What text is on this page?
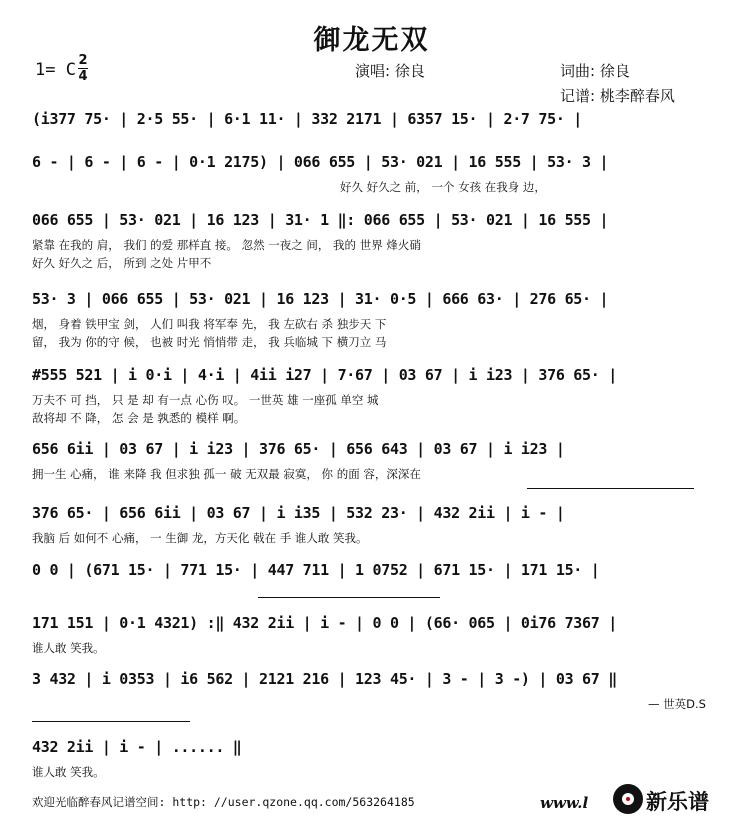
御龙无双
1= C 2
4	演唱: 徐良	词曲: 徐良
记谱: 桃李醉春风
(i377 75· | 2·5 55· | 6·1 11· | 332 2171 | 6357 15· | 2·7 75· |
6 - | 6 - | 6 - | 0·1 2175) | 066 655 | 53· 021 | 16 555 | 53· 3 |
好久 好久之 前， 一个 女孩 在我身 边，
066 655 | 53· 021 | 16 123 | 31· 1 ‖: 066 655 | 53· 021 | 16 555 |
紧靠 在我的 肩， 我们 的爱 那样直 接。 忽然 一夜之 间， 我的 世界 烽火硝
好久 好久之 后， 所到 之处 片甲不
53· 3 | 066 655 | 53· 021 | 16 123 | 31· 0·5 | 666 63· | 276 65· |
烟， 身着 铁甲宝 剑， 人们 叫我 将军奉 先， 我 左砍右 杀 独步天 下
留， 我为 你的守 候， 也被 时光 悄悄带 走， 我 兵临城 下 横刀立 马
#555 521 | i 0·i | 4·i | 4ii i27 | 7·67 | 03 67 | i i23 | 376 65· |
万夫不 可 挡， 只 是 却 有一点 心伤 叹。 一世英 雄 一座孤 单空 城
敌将却 不 降， 怎 会 是 孰悉的 模样 啊。
656 6ii | 03 67 | i i23 | 376 65· | 656 643 | 03 67 | i i23 |
拥一生 心痛， 谁 来降 我 但求独 孤一 破 无双最 寂寞， 你 的面 容，深深在
376 65· | 656 6ii | 03 67 | i i35 | 532 23· | 432 2ii | i - |
我脑 后 如何不 心痛， 一 生御 龙，方天化 戟在 手 谁人敢 笑我。
0 0 | (671 15· | 771 15· | 447 711 | 1 0752 | 671 15· | 171 15· |
171 151 | 0·1 4321) :‖ 432 2ii | i - | 0 0 | (66· 065 | 0i76 7367 |
谁人敢 笑我。
3 432 | i 0353 | i6 562 | 2121 216 | 123 45· | 3 - | 3 -) | 03 67 ‖
— 世英D.S
432 2ii | i - | ...... ‖
谁人敢 笑我。
欢迎光临醉春风记谱空间: http: //user.qzone.qq.com/563264185	www.l	新乐谱
